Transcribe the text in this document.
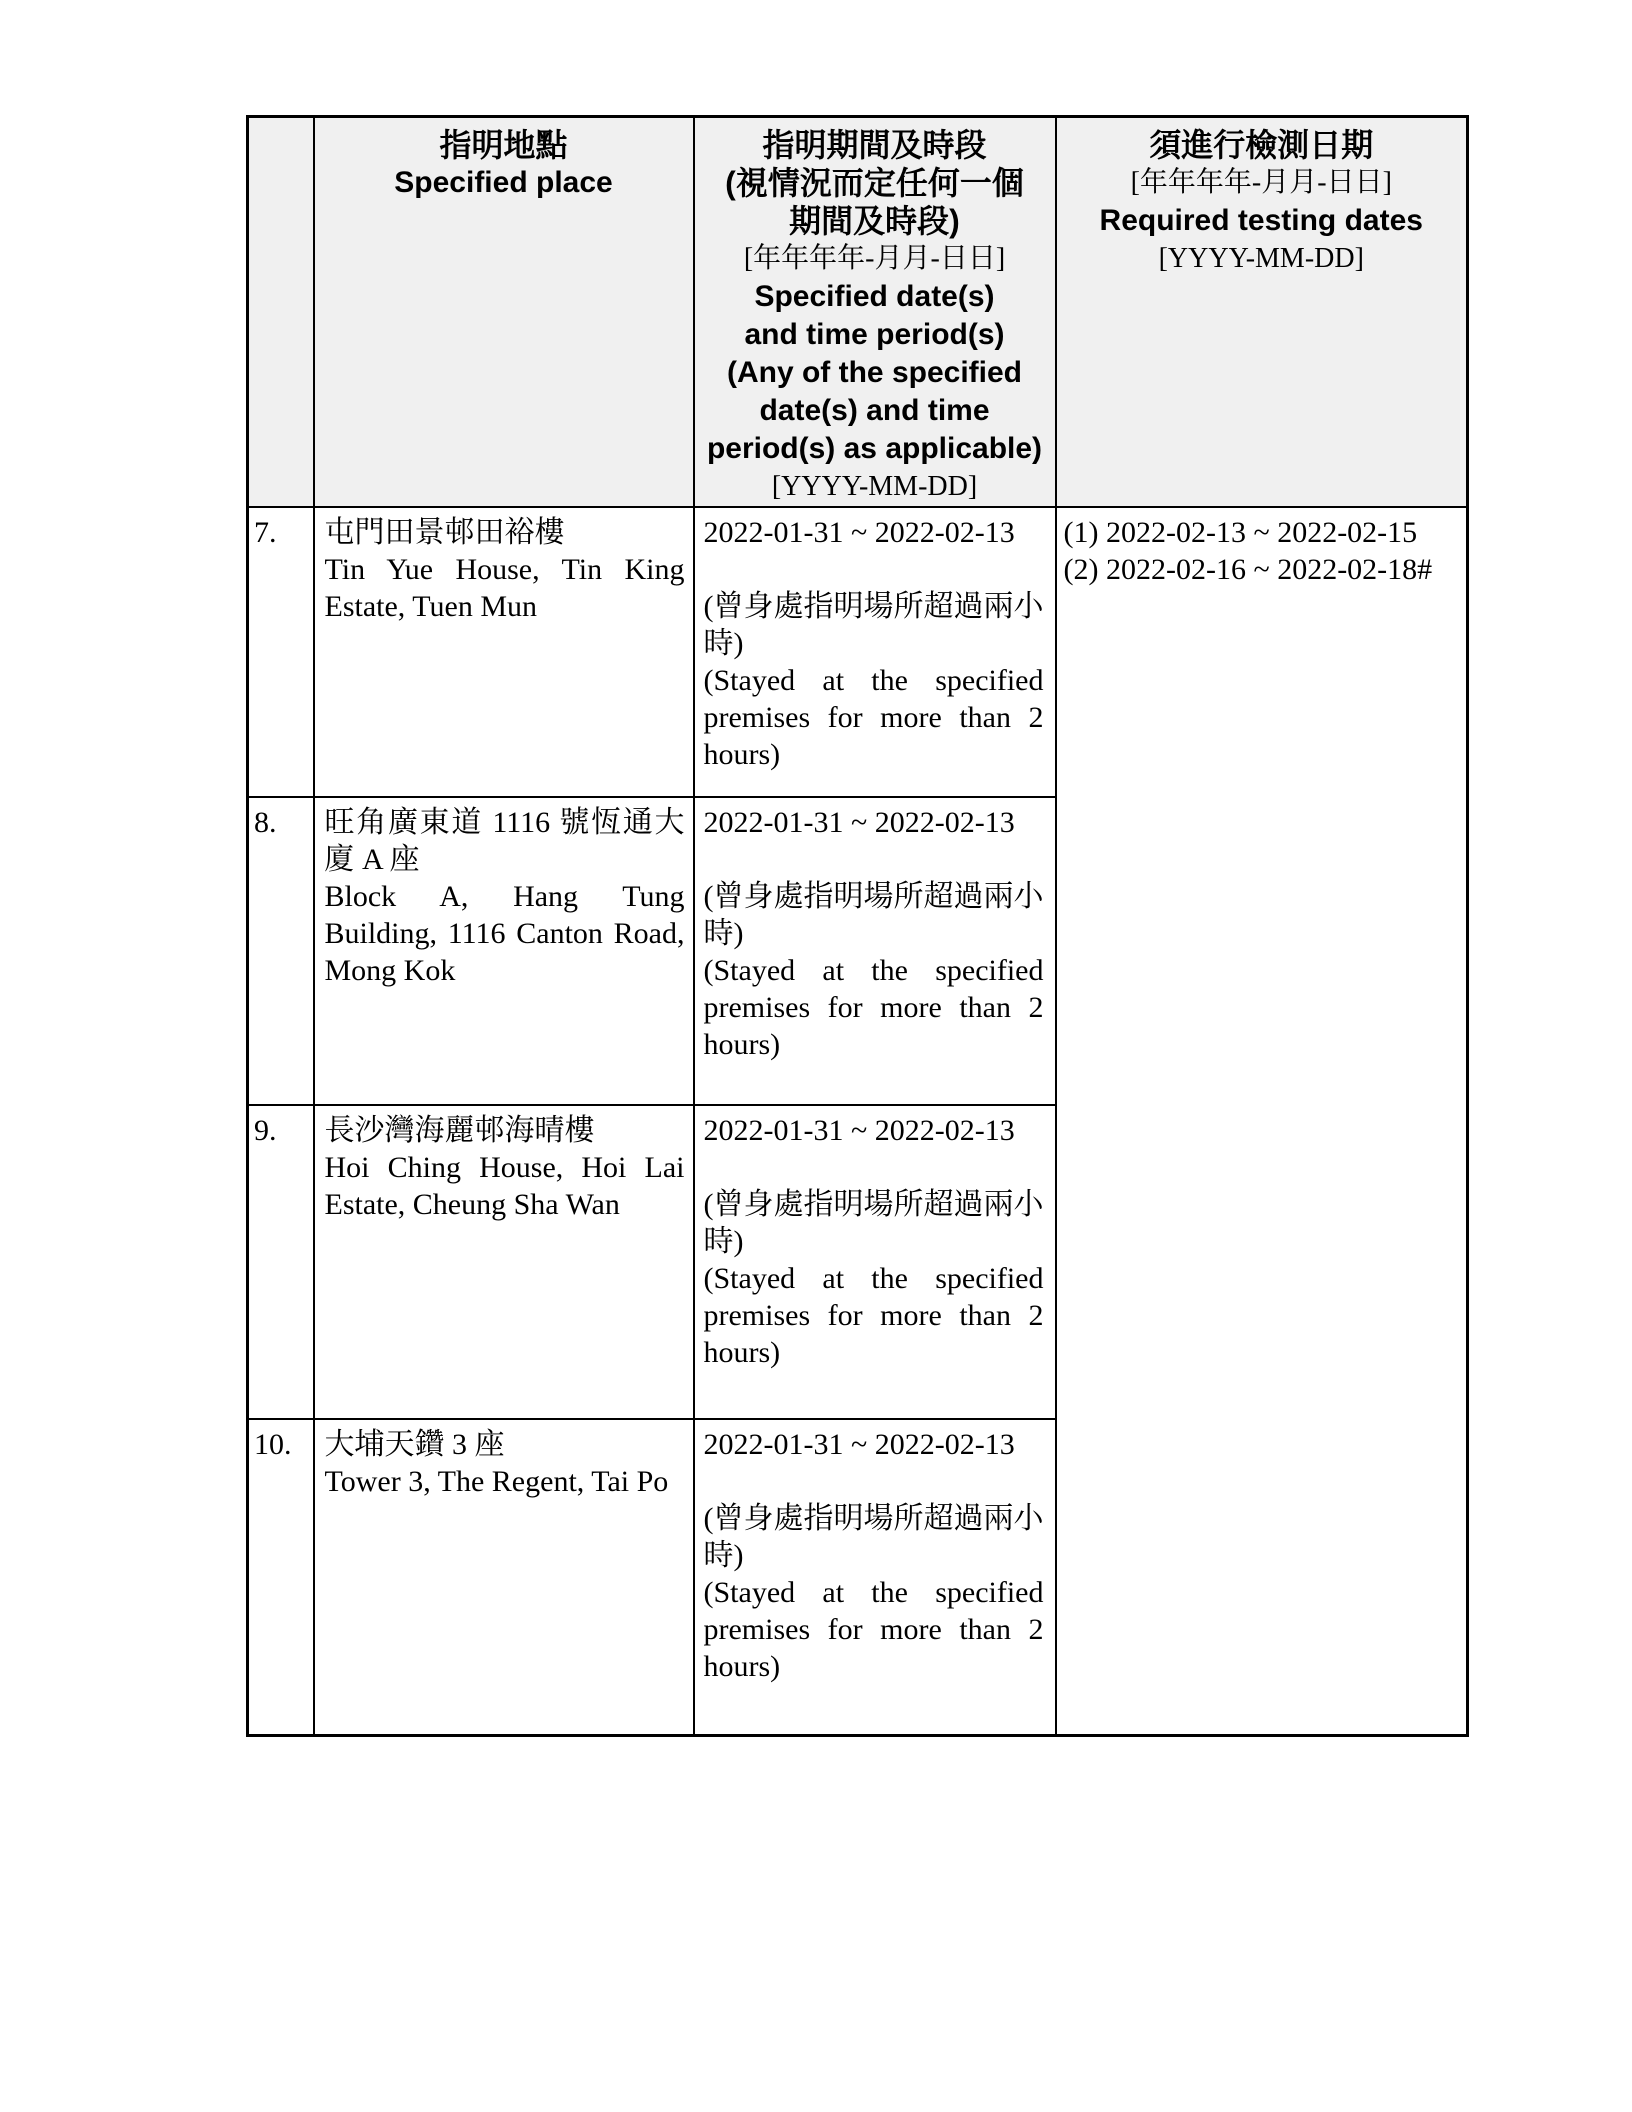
指明地點
Specified place

指明期間及時段
(視情況而定任何一個
期間及時段)
[年年年年-月月-日日]
Specified date(s)
and time period(s)
(Any of the specified
date(s) and time
period(s) as applicable)
[YYYY-MM-DD]

須進行檢測日期
[年年年年-月月-日日]
Required testing dates
[YYYY-MM-DD]

7.	屯門田景邨田裕樓
Tin Yue House, Tin King Estate, Tuen Mun

2022-01-31 ~ 2022-02-13
(曾身處指明場所超過兩小時)
(Stayed at the specified premises for more than 2 hours)

(1) 2022-02-13 ~ 2022-02-15
(2) 2022-02-16 ~ 2022-02-18#

8.	旺角廣東道 1116 號恆通大廈 A 座
Block A, Hang Tung Building, 1116 Canton Road, Mong Kok

2022-01-31 ~ 2022-02-13
(曾身處指明場所超過兩小時)
(Stayed at the specified premises for more than 2 hours)

9.	長沙灣海麗邨海晴樓
Hoi Ching House, Hoi Lai Estate, Cheung Sha Wan

2022-01-31 ~ 2022-02-13
(曾身處指明場所超過兩小時)
(Stayed at the specified premises for more than 2 hours)

10.	大埔天鑽 3 座
Tower 3, The Regent, Tai Po

2022-01-31 ~ 2022-02-13
(曾身處指明場所超過兩小時)
(Stayed at the specified premises for more than 2 hours)
